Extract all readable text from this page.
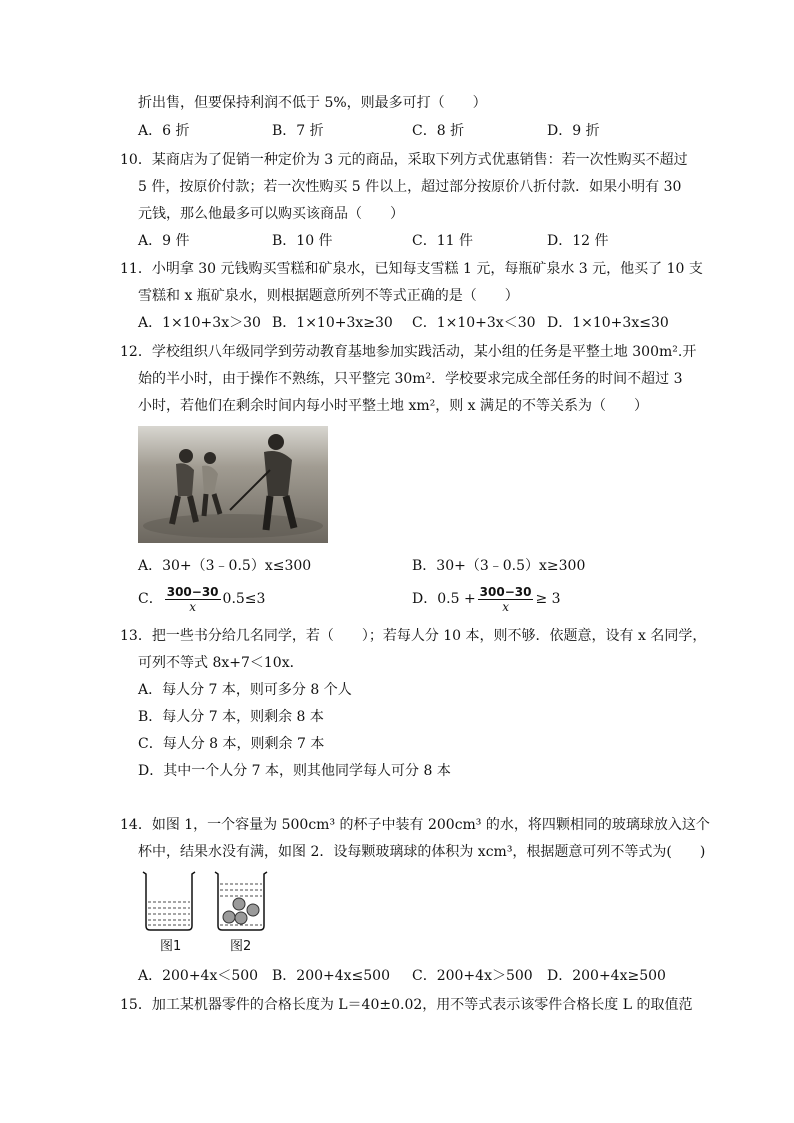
折出售，但要保持利润不低于 5%，则最多可打（　　）
A．6 折	B．7 折	C．8 折	D．9 折
10．某商店为了促销一种定价为 3 元的商品，采取下列方式优惠销售：若一次性购买不超过
5 件，按原价付款；若一次性购买 5 件以上，超过部分按原价八折付款．如果小明有 30
元钱，那么他最多可以购买该商品（　　）
A．9 件	B．10 件	C．11 件	D．12 件
11．小明拿 30 元钱购买雪糕和矿泉水，已知每支雪糕 1 元，每瓶矿泉水 3 元，他买了 10 支
雪糕和 x 瓶矿泉水，则根据题意所列不等式正确的是（　　）
A．1×10+3x＞30 B．1×10+3x≥30 C．1×10+3x＜30 D．1×10+3x≤30
12．学校组织八年级同学到劳动教育基地参加实践活动，某小组的任务是平整土地 300m².开
始的半小时，由于操作不熟练，只平整完 30m²．学校要求完成全部任务的时间不超过 3
小时，若他们在剩余时间内每小时平整土地 xm²，则 x 满足的不等关系为（　　）
A．30+（3﹣0.5）x≤300	B．30+（3﹣0.5）x≥300
C． $\frac{300-30}{x} 0.5\le 3$	D．$0.5 + \frac{300-30}{x} \ge 3$
13．把一些书分给几名同学，若（　　）；若每人分 10 本，则不够．依题意，设有 x 名同学，
可列不等式 8x+7＜10x．
A．每人分 7 本，则可多分 8 个人
B．每人分 7 本，则剩余 8 本
C．每人分 8 本，则剩余 7 本
D．其中一个人分 7 本，则其他同学每人可分 8 本
14．如图 1，一个容量为 500cm³ 的杯子中装有 200cm³ 的水，将四颗相同的玻璃球放入这个
杯中，结果水没有满，如图 2．设每颗玻璃球的体积为 xcm³，根据题意可列不等式为(　　)
图1	图2
A．200+4x＜500 B．200+4x≤500 C．200+4x＞500 D．200+4x≥500
15．加工某机器零件的合格长度为 L＝40±0.02，用不等式表示该零件合格长度 L 的取值范
